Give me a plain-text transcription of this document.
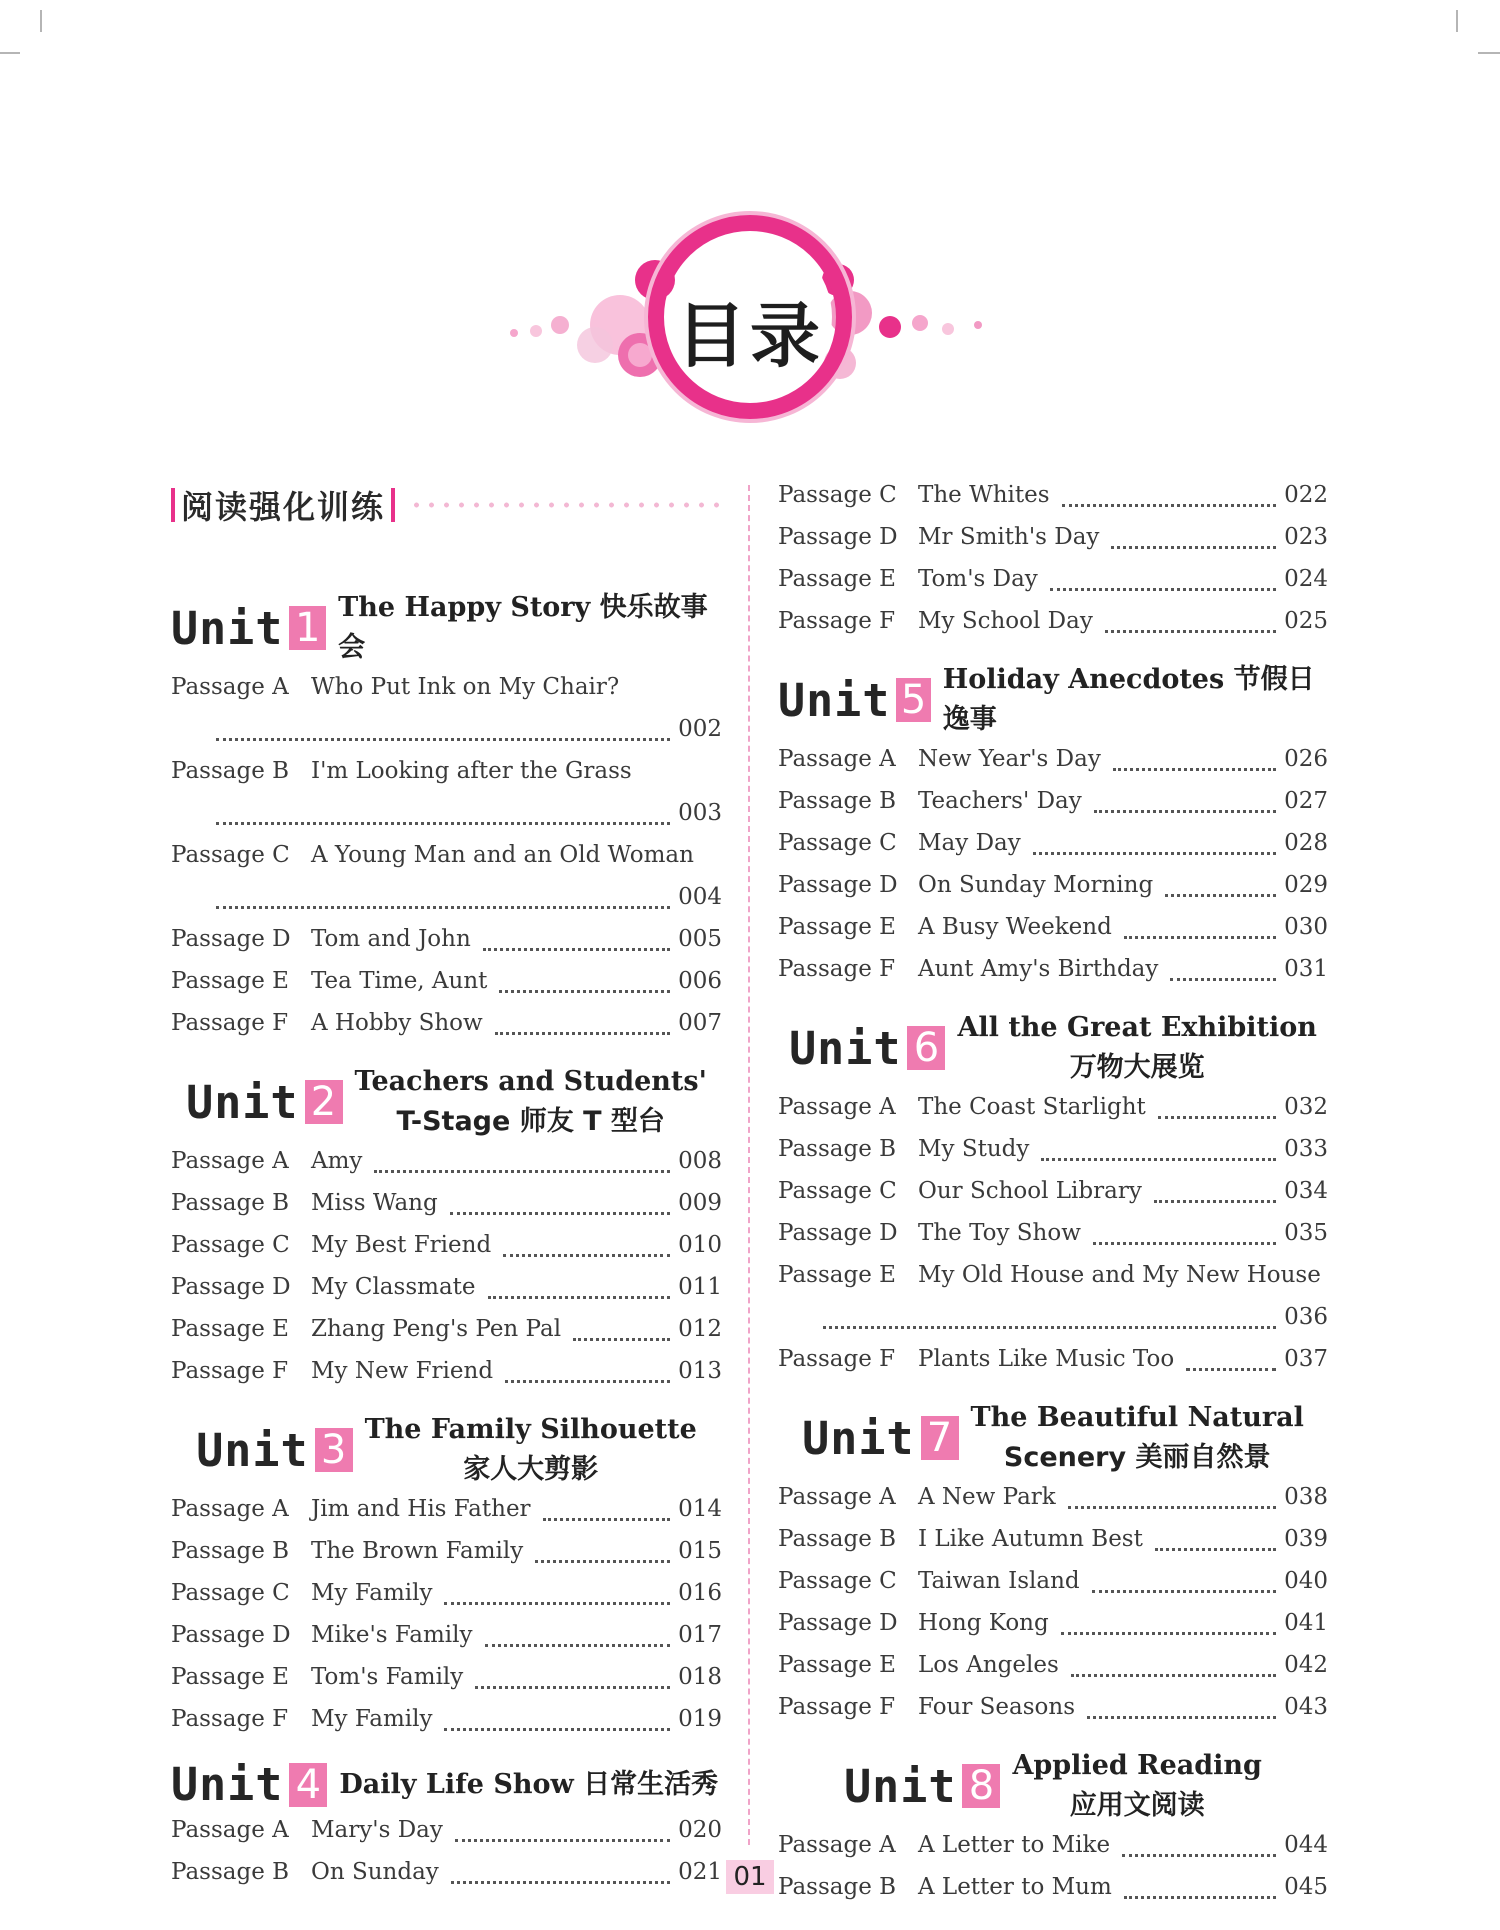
目录
阅读强化训练
Unit 1 The Happy Story 快乐故事会
Passage A Who Put Ink on My Chair?
002
Passage B I'm Looking after the Grass
003
Passage C A Young Man and an Old Woman
004
Passage D Tom and John	005
Passage E Tea Time, Aunt	006
Passage F A Hobby Show	007
Unit 2 Teachers and Students'
T-Stage 师友 T 型台
Passage A Amy	008
Passage B Miss Wang	009
Passage C My Best Friend	010
Passage D My Classmate	011
Passage E Zhang Peng's Pen Pal	012
Passage F My New Friend	013
Unit 3 The Family Silhouette
家人大剪影
Passage A Jim and His Father	014
Passage B The Brown Family	015
Passage C My Family	016
Passage D Mike's Family	017
Passage E Tom's Family	018
Passage F My Family	019
Unit 4 Daily Life Show 日常生活秀
Passage A Mary's Day	020
Passage B On Sunday	021
Passage C The Whites	022
Passage D Mr Smith's Day	023
Passage E Tom's Day	024
Passage F My School Day	025
Unit 5 Holiday Anecdotes 节假日逸事
Passage A New Year's Day	026
Passage B Teachers' Day	027
Passage C May Day	028
Passage D On Sunday Morning	029
Passage E A Busy Weekend	030
Passage F Aunt Amy's Birthday	031
Unit 6 All the Great Exhibition
万物大展览
Passage A The Coast Starlight	032
Passage B My Study	033
Passage C Our School Library	034
Passage D The Toy Show	035
Passage E My Old House and My New House
036
Passage F Plants Like Music Too	037
Unit 7 The Beautiful Natural
Scenery 美丽自然景
Passage A A New Park	038
Passage B I Like Autumn Best	039
Passage C Taiwan Island	040
Passage D Hong Kong	041
Passage E Los Angeles	042
Passage F Four Seasons	043
Unit 8 Applied Reading
应用文阅读
Passage A A Letter to Mike	044
Passage B A Letter to Mum	045
01
